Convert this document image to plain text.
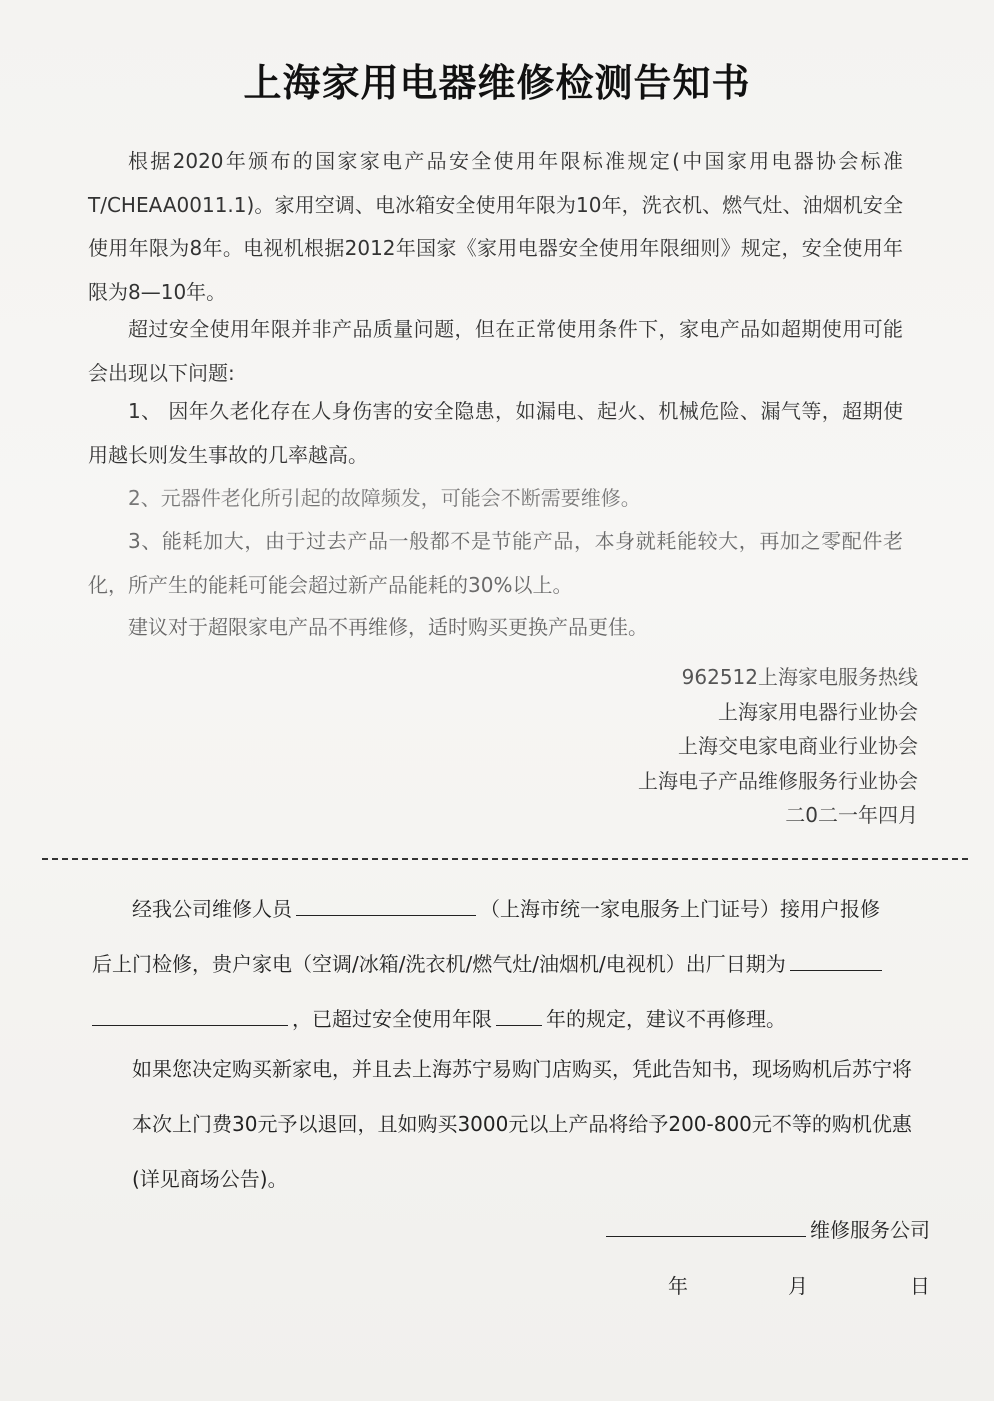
上海家用电器维修检测告知书
根据2020年颁布的国家家电产品安全使用年限标准规定(中国家用电器协会标准T/CHEAA0011.1)。家用空调、电冰箱安全使用年限为10年，洗衣机、燃气灶、油烟机安全使用年限为8年。电视机根据2012年国家《家用电器安全使用年限细则》规定，安全使用年限为8—10年。
超过安全使用年限并非产品质量问题，但在正常使用条件下，家电产品如超期使用可能会出现以下问题:
1、 因年久老化存在人身伤害的安全隐患，如漏电、起火、机械危险、漏气等，超期使用越长则发生事故的几率越高。
2、元器件老化所引起的故障频发，可能会不断需要维修。
3、能耗加大，由于过去产品一般都不是节能产品，本身就耗能较大，再加之零配件老化，所产生的能耗可能会超过新产品能耗的30%以上。
建议对于超限家电产品不再维修，适时购买更换产品更佳。
962512上海家电服务热线
上海家用电器行业协会
上海交电家电商业行业协会
上海电子产品维修服务行业协会
二0二一年四月
经我公司维修人员	（上海市统一家电服务上门证号）接用户报修
后上门检修，贵户家电（空调/冰箱/洗衣机/燃气灶/油烟机/电视机）出厂日期为
，已超过安全使用年限	年的规定，建议不再修理。
如果您决定购买新家电，并且去上海苏宁易购门店购买，凭此告知书，现场购机后苏宁将本次上门费30元予以退回，且如购买3000元以上产品将给予200-800元不等的购机优惠(详见商场公告)。
维修服务公司
年	月	日
